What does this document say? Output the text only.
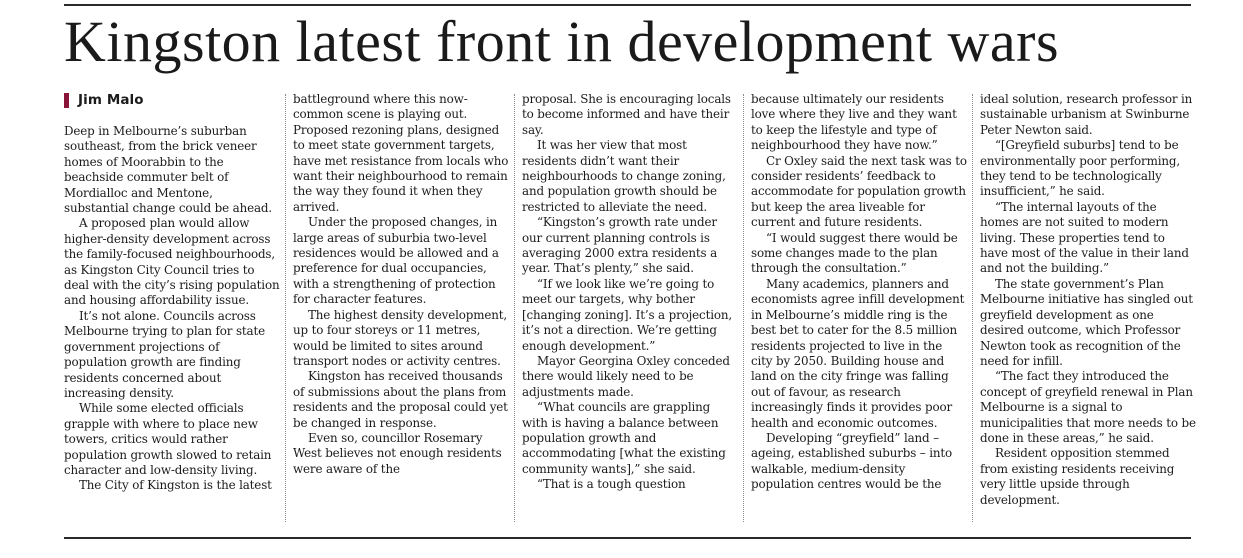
Kingston latest front in development wars
Jim Malo

Deep in Melbourne’s suburban southeast, from the brick veneer homes of Moorabbin to the beachside commuter belt of Mordialloc and Mentone, substantial change could be ahead.

A proposed plan would allow higher-density development across the family-focused neighbourhoods, as Kingston City Council tries to deal with the city’s rising population and housing affordability issue.

It’s not alone. Councils across Melbourne trying to plan for state government projections of population growth are finding residents concerned about increasing density.

While some elected officials grapple with where to place new towers, critics would rather population growth slowed to retain character and low-density living.

The City of Kingston is the latest

battleground where this now-common scene is playing out. Proposed rezoning plans, designed to meet state government targets, have met resistance from locals who want their neighbourhood to remain the way they found it when they arrived.

Under the proposed changes, in large areas of suburbia two-level residences would be allowed and a preference for dual occupancies, with a strengthening of protection for character features.

The highest density development, up to four storeys or 11 metres, would be limited to sites around transport nodes or activity centres.

Kingston has received thousands of submissions about the plans from residents and the proposal could yet be changed in response.

Even so, councillor Rosemary West believes not enough residents were aware of the

proposal. She is encouraging locals to become informed and have their say.

It was her view that most residents didn’t want their neighbourhoods to change zoning, and population growth should be restricted to alleviate the need.

“Kingston’s growth rate under our current planning controls is averaging 2000 extra residents a year. That’s plenty,” she said.

“If we look like we’re going to meet our targets, why bother [changing zoning]. It’s a projection, it’s not a direction. We’re getting enough development.”

Mayor Georgina Oxley conceded there would likely need to be adjustments made.

“What councils are grappling with is having a balance between population growth and accommodating [what the existing community wants],” she said.

“That is a tough question

because ultimately our residents love where they live and they want to keep the lifestyle and type of neighbourhood they have now.”

Cr Oxley said the next task was to consider residents’ feedback to accommodate for population growth but keep the area liveable for current and future residents.

“I would suggest there would be some changes made to the plan through the consultation.”

Many academics, planners and economists agree infill development in Melbourne’s middle ring is the best bet to cater for the 8.5 million residents projected to live in the city by 2050. Building house and land on the city fringe was falling out of favour, as research increasingly finds it provides poor health and economic outcomes.

Developing “greyfield” land – ageing, established suburbs – into walkable, medium-density population centres would be the

ideal solution, research professor in sustainable urbanism at Swinburne Peter Newton said.

“[Greyfield suburbs] tend to be environmentally poor performing, they tend to be technologically insufficient,” he said.

“The internal layouts of the homes are not suited to modern living. These properties tend to have most of the value in their land and not the building.”

The state government’s Plan Melbourne initiative has singled out greyfield development as one desired outcome, which Professor Newton took as recognition of the need for infill.

“The fact they introduced the concept of greyfield renewal in Plan Melbourne is a signal to municipalities that more needs to be done in these areas,” he said.

Resident opposition stemmed from existing residents receiving very little upside through development.
